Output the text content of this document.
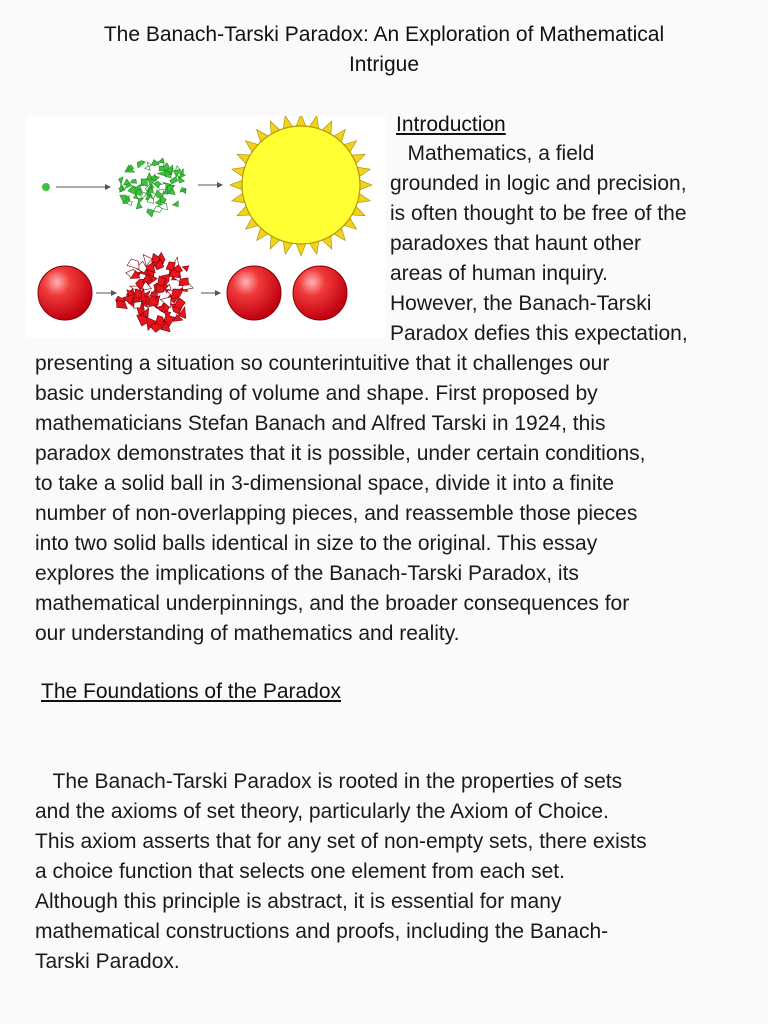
The Banach-Tarski Paradox: An Exploration of Mathematical
Intrigue
Introduction

Mathematics, a field
grounded in logic and precision,
is often thought to be free of the
paradoxes that haunt other
areas of human inquiry.
However, the Banach-Tarski
Paradox defies this expectation,

presenting a situation so counterintuitive that it challenges our
basic understanding of volume and shape. First proposed by
mathematicians Stefan Banach and Alfred Tarski in 1924, this
paradox demonstrates that it is possible, under certain conditions,
to take a solid ball in 3-dimensional space, divide it into a finite
number of non-overlapping pieces, and reassemble those pieces
into two solid balls identical in size to the original. This essay
explores the implications of the Banach-Tarski Paradox, its
mathematical underpinnings, and the broader consequences for
our understanding of mathematics and reality.

The Foundations of the Paradox

The Banach-Tarski Paradox is rooted in the properties of sets
and the axioms of set theory, particularly the Axiom of Choice.
This axiom asserts that for any set of non-empty sets, there exists
a choice function that selects one element from each set.
Although this principle is abstract, it is essential for many
mathematical constructions and proofs, including the Banach-
Tarski Paradox.
